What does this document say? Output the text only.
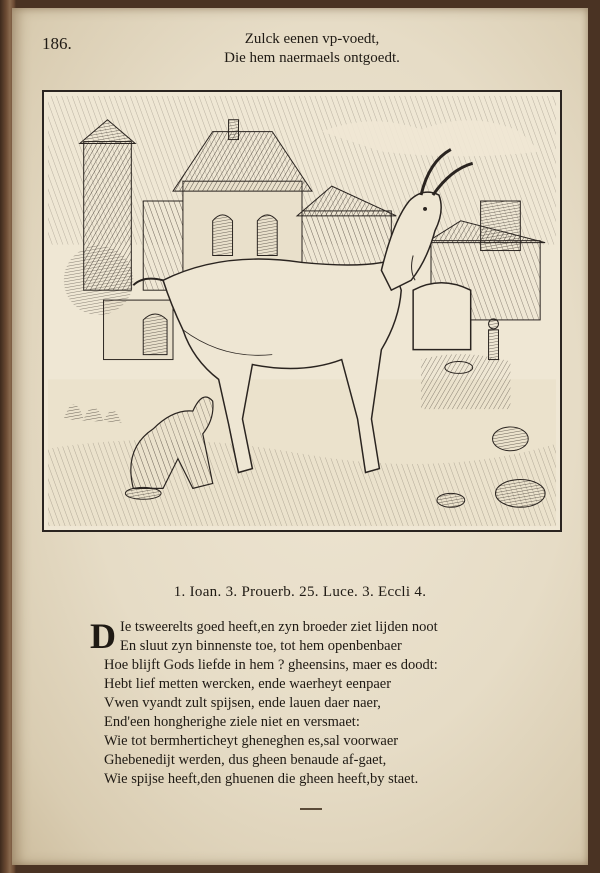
186.	Zulck eenen vp-voedt,
Die hem naermaels ontgoedt.
1. Ioan. 3. Prouerb. 25. Luce. 3. Eccli 4.
D Ie tsweerelts goed heeft,en zyn broeder ziet lijden noot
En sluut zyn binnenste toe, tot hem openbenbaer
Hoe blijft Gods liefde in hem ? gheensins, maer es doodt:
Hebt lief metten wercken, ende waerheyt eenpaer
Vwen vyandt zult spijsen, ende lauen daer naer,
End'een hongherighe ziele niet en versmaet:
Wie tot bermherticheyt gheneghen es,sal voorwaer
Ghebenedijt werden, dus gheen benaude af-gaet,
Wie spijse heeft,den ghuenen die gheen heeft,by staet.
